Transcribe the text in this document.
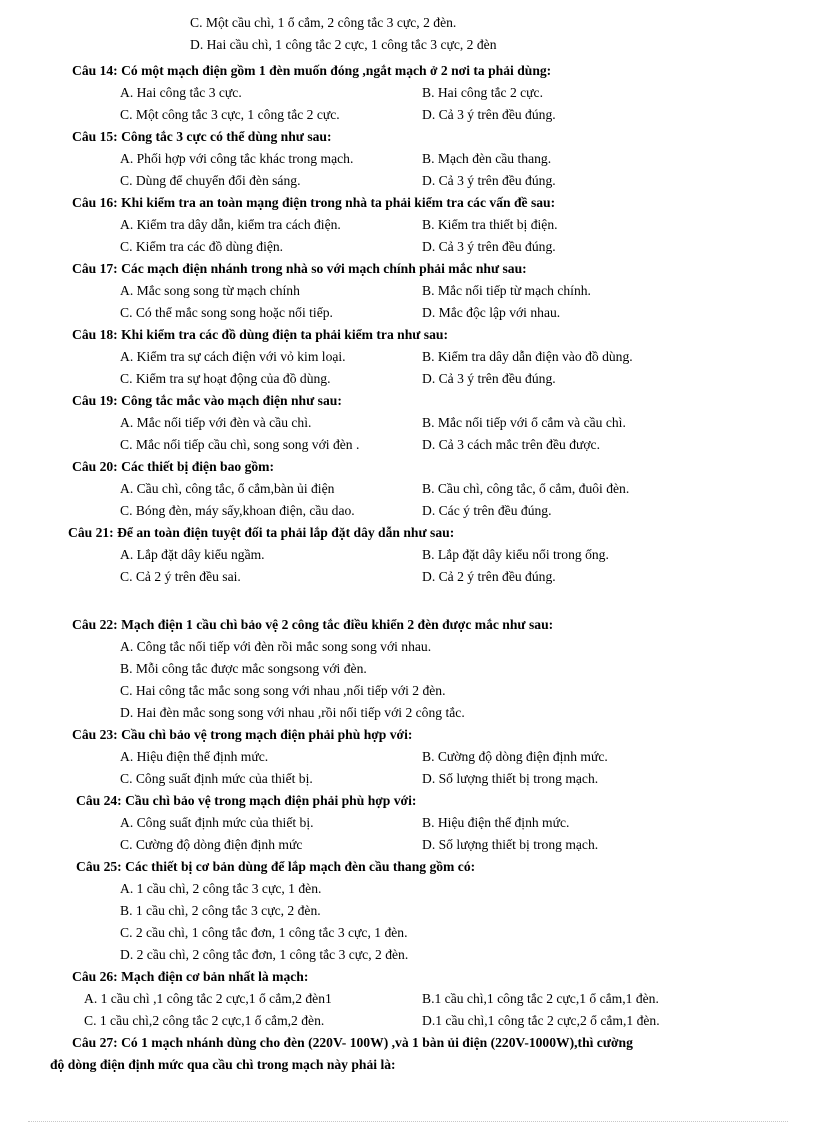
C. Một cầu chì, 1 ổ cắm, 2 công tắc 3 cực, 2 đèn.
D. Hai cầu chì, 1 công tắc 2 cực, 1 công tắc 3 cực, 2 đèn
Câu 14: Có một mạch điện gồm 1 đèn muốn đóng ,ngắt mạch ở 2 nơi ta phải dùng:
A. Hai công tắc 3 cực.	B. Hai công tắc 2 cực.
C. Một công tắc 3 cực, 1 công tắc 2 cực.	D. Cả 3 ý trên đều đúng.
Câu 15: Công tắc 3 cực có thể dùng như sau:
A. Phối hợp với công tắc khác trong mạch.	B. Mạch đèn cầu thang.
C. Dùng để chuyển đổi đèn sáng.	D. Cả 3 ý trên đều đúng.
Câu 16: Khi kiểm tra an toàn mạng điện trong nhà ta phải kiểm tra các vấn đề sau:
A. Kiểm tra dây dẫn, kiểm tra cách điện.	B. Kiểm tra thiết bị điện.
C. Kiểm tra các đồ dùng điện.	D. Cả 3 ý trên đều đúng.
Câu 17: Các mạch điện nhánh trong nhà so với mạch chính phải mắc như sau:
A. Mắc song song từ mạch chính	B. Mắc nối tiếp từ mạch chính.
C. Có thể mắc song song hoặc nối tiếp.	D. Mắc độc lập với nhau.
Câu 18: Khi kiểm tra các đồ dùng điện ta phải kiểm tra như sau:
A. Kiểm tra sự cách điện với vỏ kim loại.	B. Kiểm tra dây dẫn điện vào đồ dùng.
C. Kiểm tra sự hoạt động của đồ dùng.	D. Cả 3 ý trên đều đúng.
Câu 19: Công tắc mắc vào mạch điện như sau:
A. Mắc nối tiếp với đèn và cầu chì.	B. Mắc nối tiếp với ổ cắm và cầu chì.
C. Mắc nối tiếp cầu chì, song song với đèn .	D. Cả 3 cách mắc trên đều được.
Câu 20: Các thiết bị điện bao gồm:
A. Cầu chì, công tắc, ổ cắm,bàn ủi điện	B. Cầu chì, công tắc, ổ cắm, đuôi đèn.
C. Bóng đèn, máy sấy,khoan điện, cầu dao.	D. Các ý trên đều đúng.
Câu 21: Để an toàn điện tuyệt đối ta phải lắp đặt dây dẫn như sau:
A. Lắp đặt dây kiểu ngầm.	B. Lắp đặt dây kiểu nổi trong ống.
C. Cả 2 ý trên đều sai.	D. Cả 2 ý trên đều đúng.
Câu 22: Mạch điện 1 cầu chì bảo vệ 2 công tắc điều khiển 2 đèn được mắc như sau:
A. Công tắc nối tiếp với đèn rồi mắc song song với nhau.
B. Mỗi công tắc được mắc songsong với đèn.
C. Hai công tắc mắc song song với nhau ,nối tiếp với 2 đèn.
D. Hai đèn mắc song song với nhau ,rồi nối tiếp với 2 công tắc.
Câu 23: Cầu chì bảo vệ trong mạch điện phải phù hợp với:
A. Hiệu điện thế định mức.	B. Cường độ dòng điện định mức.
C. Công suất định mức của thiết bị.	D. Số lượng thiết bị trong mạch.
Câu 24: Cầu chì bảo vệ trong mạch điện phải phù hợp với:
A. Công suất định mức của thiết bị.	B. Hiệu điện thế định mức.
C. Cường độ dòng điện định mức	D. Số lượng thiết bị trong mạch.
Câu 25: Các thiết bị cơ bản dùng để lắp mạch đèn cầu thang gồm có:
A. 1 cầu chì, 2 công tắc 3 cực, 1 đèn.
B. 1 cầu chì, 2 công tắc 3 cực, 2 đèn.
C. 2 cầu chì, 1 công tắc đơn, 1 công tắc 3 cực, 1 đèn.
D. 2 cầu chì, 2 công tắc đơn, 1 công tắc 3 cực, 2 đèn.
Câu 26: Mạch điện cơ bản nhất là mạch:
A. 1 cầu chì ,1 công tắc 2 cực,1 ổ cắm,2 đèn1	B.1 cầu chì,1 công tắc 2 cực,1 ổ cắm,1 đèn.
C. 1 cầu chì,2 công tắc 2 cực,1 ổ cắm,2 đèn.	D.1 cầu chì,1 công tắc 2 cực,2 ổ cắm,1 đèn.
Câu 27: Có 1 mạch nhánh dùng cho đèn (220V- 100W) ,và 1 bàn ủi điện (220V-1000W),thì cường
độ dòng điện định mức qua cầu chì trong mạch này phải là:
